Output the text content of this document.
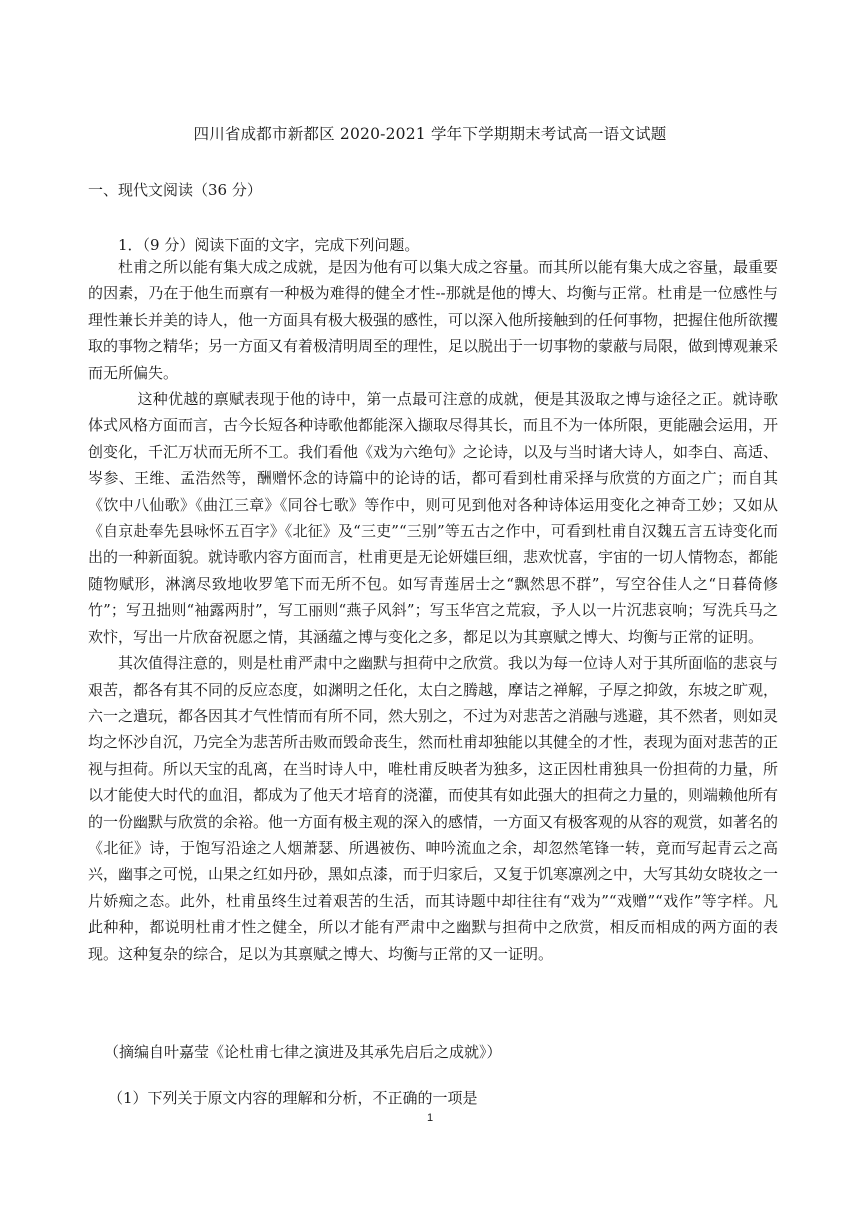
四川省成都市新都区 2020-2021 学年下学期期末考试高一语文试题
一、现代文阅读（36 分）
1．（9 分）阅读下面的文字，完成下列问题。

杜甫之所以能有集大成之成就，是因为他有可以集大成之容量。而其所以能有集大成之容量，最重要的因素，乃在于他生而禀有一种极为难得的健全才性--那就是他的博大、均衡与正常。杜甫是一位感性与理性兼长并美的诗人，他一方面具有极大极强的感性，可以深入他所接触到的任何事物，把握住他所欲攫取的事物之精华；另一方面又有着极清明周至的理性，足以脱出于一切事物的蒙蔽与局限，做到博观兼采而无所偏失。

这种优越的禀赋表现于他的诗中，第一点最可注意的成就，便是其汲取之博与途径之正。就诗歌体式风格方面而言，古今长短各种诗歌他都能深入撷取尽得其长，而且不为一体所限，更能融会运用，开创变化，千汇万状而无所不工。我们看他《戏为六绝句》之论诗，以及与当时诸大诗人，如李白、高适、岑参、王维、孟浩然等，酬赠怀念的诗篇中的论诗的话，都可看到杜甫采择与欣赏的方面之广；而自其《饮中八仙歌》《曲江三章》《同谷七歌》等作中，则可见到他对各种诗体运用变化之神奇工妙；又如从《自京赴奉先县咏怀五百字》《北征》及“三吏”“三别”等五古之作中，可看到杜甫自汉魏五言五诗变化而出的一种新面貌。就诗歌内容方面而言，杜甫更是无论妍媸巨细，悲欢忧喜，宇宙的一切人情物态，都能随物赋形，淋漓尽致地收罗笔下而无所不包。如写青莲居士之“飘然思不群”，写空谷佳人之“日暮倚修竹”；写丑拙则“袖露两肘”，写工丽则“燕子风斜”；写玉华宫之荒寂，予人以一片沉悲哀响；写洗兵马之欢忭，写出一片欣奋祝愿之情，其涵蕴之博与变化之多，都足以为其禀赋之博大、均衡与正常的证明。

其次值得注意的，则是杜甫严肃中之幽默与担荷中之欣赏。我以为每一位诗人对于其所面临的悲哀与艰苦，都各有其不同的反应态度，如渊明之任化，太白之腾越，摩诘之禅解，子厚之抑敛，东坡之旷观，六一之遣玩，都各因其才气性情而有所不同，然大别之，不过为对悲苦之消融与逃避，其不然者，则如灵均之怀沙自沉，乃完全为悲苦所击败而毁命丧生，然而杜甫却独能以其健全的才性，表现为面对悲苦的正视与担荷。所以天宝的乱离，在当时诗人中，唯杜甫反映者为独多，这正因杜甫独具一份担荷的力量，所以才能使大时代的血泪，都成为了他天才培育的浇灌，而使其有如此强大的担荷之力量的，则端赖他所有的一份幽默与欣赏的余裕。他一方面有极主观的深入的感情，一方面又有极客观的从容的观赏，如著名的《北征》诗，于饱写沿途之人烟萧瑟、所遇被伤、呻吟流血之余，却忽然笔锋一转，竟而写起青云之高兴，幽事之可悦，山果之红如丹砂，黑如点漆，而于归家后，又复于饥寒凛冽之中，大写其幼女晓妆之一片娇痴之态。此外，杜甫虽终生过着艰苦的生活，而其诗题中却往往有“戏为”“戏赠”“戏作”等字样。凡此种种，都说明杜甫才性之健全，所以才能有严肃中之幽默与担荷中之欣赏，相反而相成的两方面的表现。这种复杂的综合，足以为其禀赋之博大、均衡与正常的又一证明。

（摘编自叶嘉莹《论杜甫七律之演进及其承先启后之成就》）
（1）下列关于原文内容的理解和分析，不正确的一项是
1
